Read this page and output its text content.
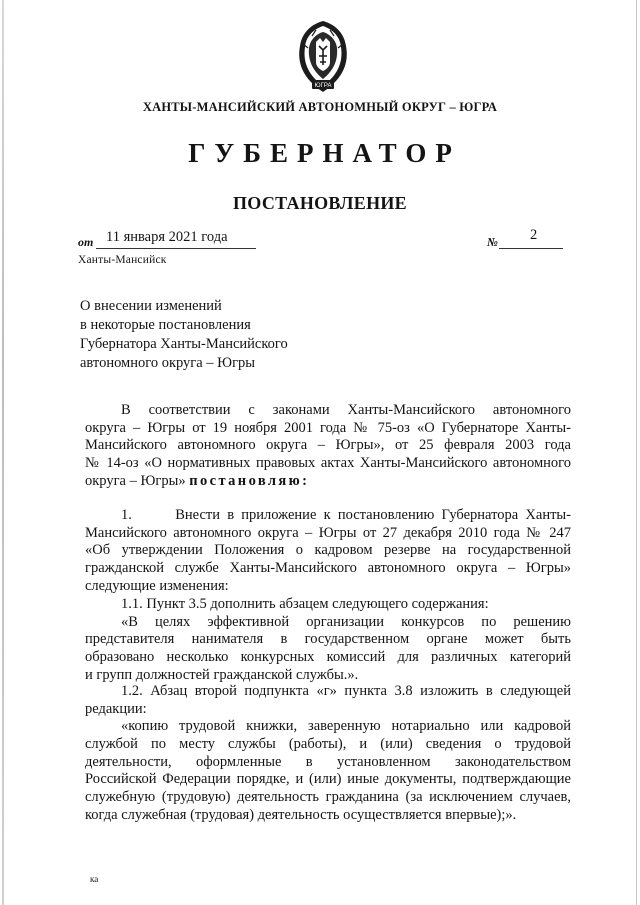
ЮГРА
ХАНТЫ-МАНСИЙСКИЙ АВТОНОМНЫЙ ОКРУГ – ЮГРА
ГУБЕРНАТОР
ПОСТАНОВЛЕНИЕ
от 11 января 2021 года	№ 2
Ханты-Мансийск
О внесении изменений
в некоторые постановления
Губернатора Ханты-Мансийского
автономного округа – Югры
В соответствии с законами Ханты-Мансийского автономного
округа – Югры от 19 ноября 2001 года № 75-оз «О Губернаторе Ханты-
Мансийского автономного округа – Югры», от 25 февраля 2003 года
№ 14-оз «О нормативных правовых актах Ханты-Мансийского автономного
округа – Югры» постановляю:
1.      Внести в приложение к постановлению Губернатора Ханты-
Мансийского автономного округа – Югры от 27 декабря 2010 года № 247
«Об утверждении Положения о кадровом резерве на государственной
гражданской службе Ханты-Мансийского автономного округа – Югры»
следующие изменения:
1.1. Пункт 3.5 дополнить абзацем следующего содержания:
«В целях эффективной организации конкурсов по решению
представителя нанимателя в государственном органе может быть
образовано несколько конкурсных комиссий для различных категорий
и групп должностей гражданской службы.».
1.2. Абзац второй подпункта «г» пункта 3.8 изложить в следующей
редакции:
«копию трудовой книжки, заверенную нотариально или кадровой
службой по месту службы (работы), и (или) сведения о трудовой
деятельности, оформленные в установленном законодательством
Российской Федерации порядке, и (или) иные документы, подтверждающие
служебную (трудовую) деятельность гражданина (за исключением случаев,
когда служебная (трудовая) деятельность осуществляется впервые);».
ка
